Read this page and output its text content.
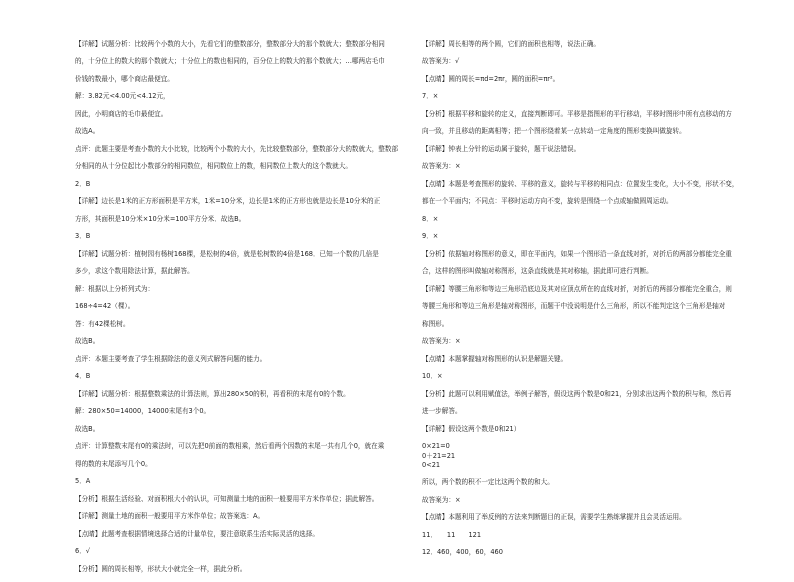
【详解】试题分析：比较两个小数的大小，先看它们的整数部分，整数部分大的那个数就大；整数部分相同
的，十分位上的数大的那个数就大；十分位上的数也相同的，百分位上的数大的那个数就大；…哪两店毛巾
价钱的数最小，哪个商店最便宜。
解：3.82元<4.00元<4.12元，
因此，小明商店的毛巾最便宜。
故选A。
点评：此题主要是考查小数的大小比较，比较两个小数的大小，先比较整数部分，整数部分大的数就大，整数部
分相同的从十分位起比小数部分的相同数位，相同数位上的数，相同数位上数大的这个数就大。
2．B
【详解】边长是1米的正方形面积是平方米，1米=10分米，边长是1米的正方形也就是边长是10分米的正
方形，其面积是10分米×10分米=100平方分米．故选B。
3．B
【详解】试题分析：植树园有杨树168棵，是松树的4倍，就是松树数的4倍是168．已知一个数的几倍是
多少，求这个数用除法计算，据此解答。
解：根据以上分析列式为：
168÷4=42（棵）。
答：有42棵松树。
故选B。
点评：本题主要考查了学生根据除法的意义列式解答问题的能力。
4．B
【详解】试题分析：根据整数乘法的计算法则，算出280×50的积，再看积的末尾有0的个数。
解：280×50=14000，14000末尾有3个0。
故选B。
点评：计算整数末尾有0的乘法时，可以先把0前面的数相乘，然后看两个因数的末尾一共有几个0，就在乘
得的数的末尾添写几个0。
5．A
【分析】根据生活经验、对面积根大小的认识，可知测量土地的面积一般要用平方米作单位；据此解答。
【详解】测量土地的面积一般要用平方米作单位；故答案选：A。
【点睛】此题考查根据情境选择合适的计量单位，要注意联系生活实际灵活的选择。
6．√
【分析】圆的周长相等，形状大小就完全一样，据此分析。
【详解】周长相等的两个圆，它们的面积也相等，说法正确。
故答案为：√
【点睛】圆的周长=πd=2πr，圆的面积=πr²。
7．×
【分析】根据平移和旋转的定义，直接判断即可。平移是指图形的平行移动，平移时图形中所有点移动的方
向一致，并且移动的距离相等；把一个图形绕着某一点转动一定角度的图形变换叫做旋转。
【详解】钟表上分针的运动属于旋转，题干说法错误。
故答案为：×
【点睛】本题是考查图形的旋转、平移的意义，旋转与平移的相同点：位置发生变化，大小不变，形状不变，
都在一个平面内；不同点：平移时运动方向不变，旋转是围绕一个点或轴做圆周运动。
8．×
9．×
【分析】依据轴对称图形的意义，即在平面内，如果一个图形沿一条直线对折，对折后的两部分都能完全重
合，这样的图形叫做轴对称图形，这条直线就是其对称轴，据此即可进行判断。
【详解】等腰三角形和等边三角形沿底边及其对应顶点所在的直线对折，对折后的两部分都能完全重合，则
等腰三角形和等边三角形是轴对称图形，而题干中没说明是什么三角形，所以不能判定这个三角形是轴对
称图形。
故答案为：×
【点睛】本题掌握轴对称图形的认识是解题关键。
10．×
【分析】此题可以利用赋值法，举例子解答，假设这两个数是0和21，分别求出这两个数的积与和，然后再
进一步解答。
【详解】假设这两个数是0和21）
0×21=0
0＋21=21
0<21
所以，两个数的积不一定比这两个数的和大。
故答案为：×
【点睛】本题利用了举反例的方法来判断题目的正误，需要学生熟练掌握并且会灵活运用。
11．　　11　　121
12．460，400，60，460
